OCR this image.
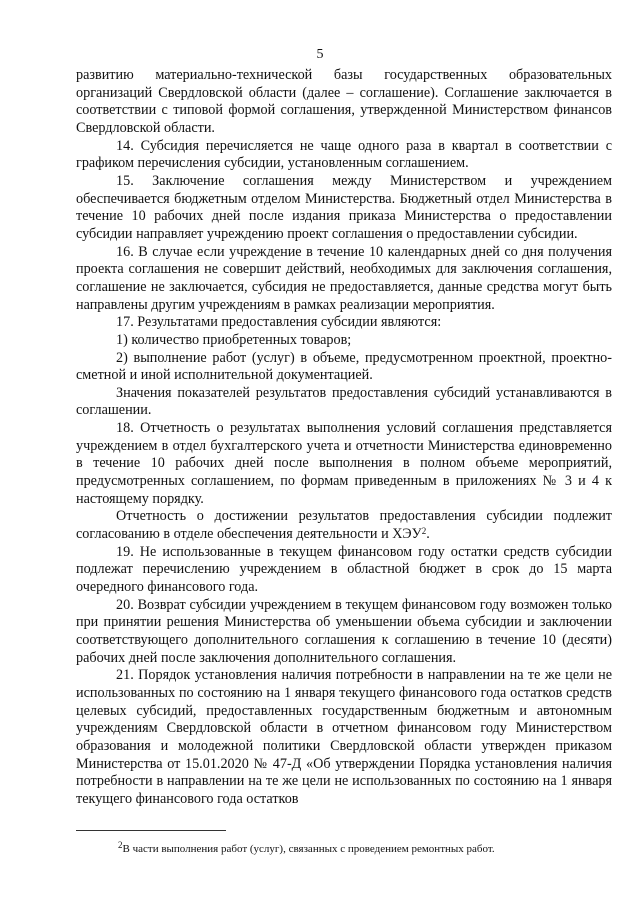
5

развитию материально-технической базы государственных образовательных организаций Свердловской области (далее – соглашение). Соглашение заключается в соответствии с типовой формой соглашения, утвержденной Министерством финансов Свердловской области.

14. Субсидия перечисляется не чаще одного раза в квартал в соответствии с графиком перечисления субсидии, установленным соглашением.

15. Заключение соглашения между Министерством и учреждением обеспечивается бюджетным отделом Министерства. Бюджетный отдел Министерства в течение 10 рабочих дней после издания приказа Министерства о предоставлении субсидии направляет учреждению проект соглашения о предоставлении субсидии.

16. В случае если учреждение в течение 10 календарных дней со дня получения проекта соглашения не совершит действий, необходимых для заключения соглашения, соглашение не заключается, субсидия не предоставляется, данные средства могут быть направлены другим учреждениям в рамках реализации мероприятия.

17. Результатами предоставления субсидии являются:

1) количество приобретенных товаров;

2) выполнение работ (услуг) в объеме, предусмотренном проектной, проектно-сметной и иной исполнительной документацией.

Значения показателей результатов предоставления субсидий устанавливаются в соглашении.

18. Отчетность о результатах выполнения условий соглашения представляется учреждением в отдел бухгалтерского учета и отчетности Министерства единовременно в течение 10 рабочих дней после выполнения в полном объеме мероприятий, предусмотренных соглашением, по формам приведенным в приложениях № 3 и 4 к настоящему порядку.

Отчетность о достижении результатов предоставления субсидии подлежит согласованию в отделе обеспечения деятельности и ХЭУ$^2$.

19. Не использованные в текущем финансовом году остатки средств субсидии подлежат перечислению учреждением в областной бюджет в срок до 15 марта очередного финансового года.

20. Возврат субсидии учреждением в текущем финансовом году возможен только при принятии решения Министерства об уменьшении объема субсидии и заключении соответствующего дополнительного соглашения к соглашению в течение 10 (десяти) рабочих дней после заключения дополнительного соглашения.

21. Порядок установления наличия потребности в направлении на те же цели не использованных по состоянию на 1 января текущего финансового года остатков средств целевых субсидий, предоставленных государственным бюджетным и автономным учреждениям Свердловской области в отчетном финансовом году Министерством образования и молодежной политики Свердловской области утвержден приказом Министерства от 15.01.2020 № 47-Д «Об утверждении Порядка установления наличия потребности в направлении на те же цели не использованных по состоянию на 1 января текущего финансового года остатков

$^2$В части выполнения работ (услуг), связанных с проведением ремонтных работ.
